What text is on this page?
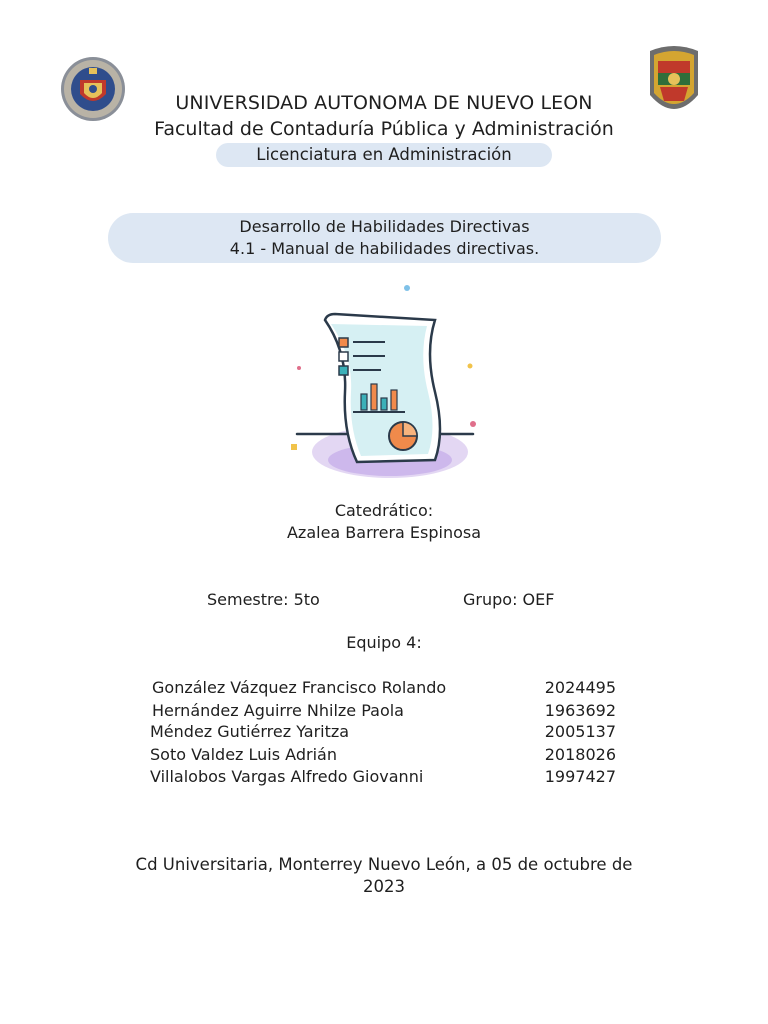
UNIVERSIDAD AUTONOMA DE NUEVO LEON
Facultad de Contaduría Pública y Administración
Licenciatura en Administración
Desarrollo de Habilidades Directivas
4.1 - Manual de habilidades directivas.
Catedrático:
Azalea Barrera Espinosa
Semestre: 5to	Grupo: OEF
Equipo 4:
González Vázquez Francisco Rolando	2024495
Hernández Aguirre Nhilze Paola	1963692
Méndez Gutiérrez Yaritza	2005137
Soto Valdez Luis Adrián	2018026
Villalobos Vargas Alfredo Giovanni	1997427
Cd Universitaria, Monterrey Nuevo León, a 05 de octubre de
2023
